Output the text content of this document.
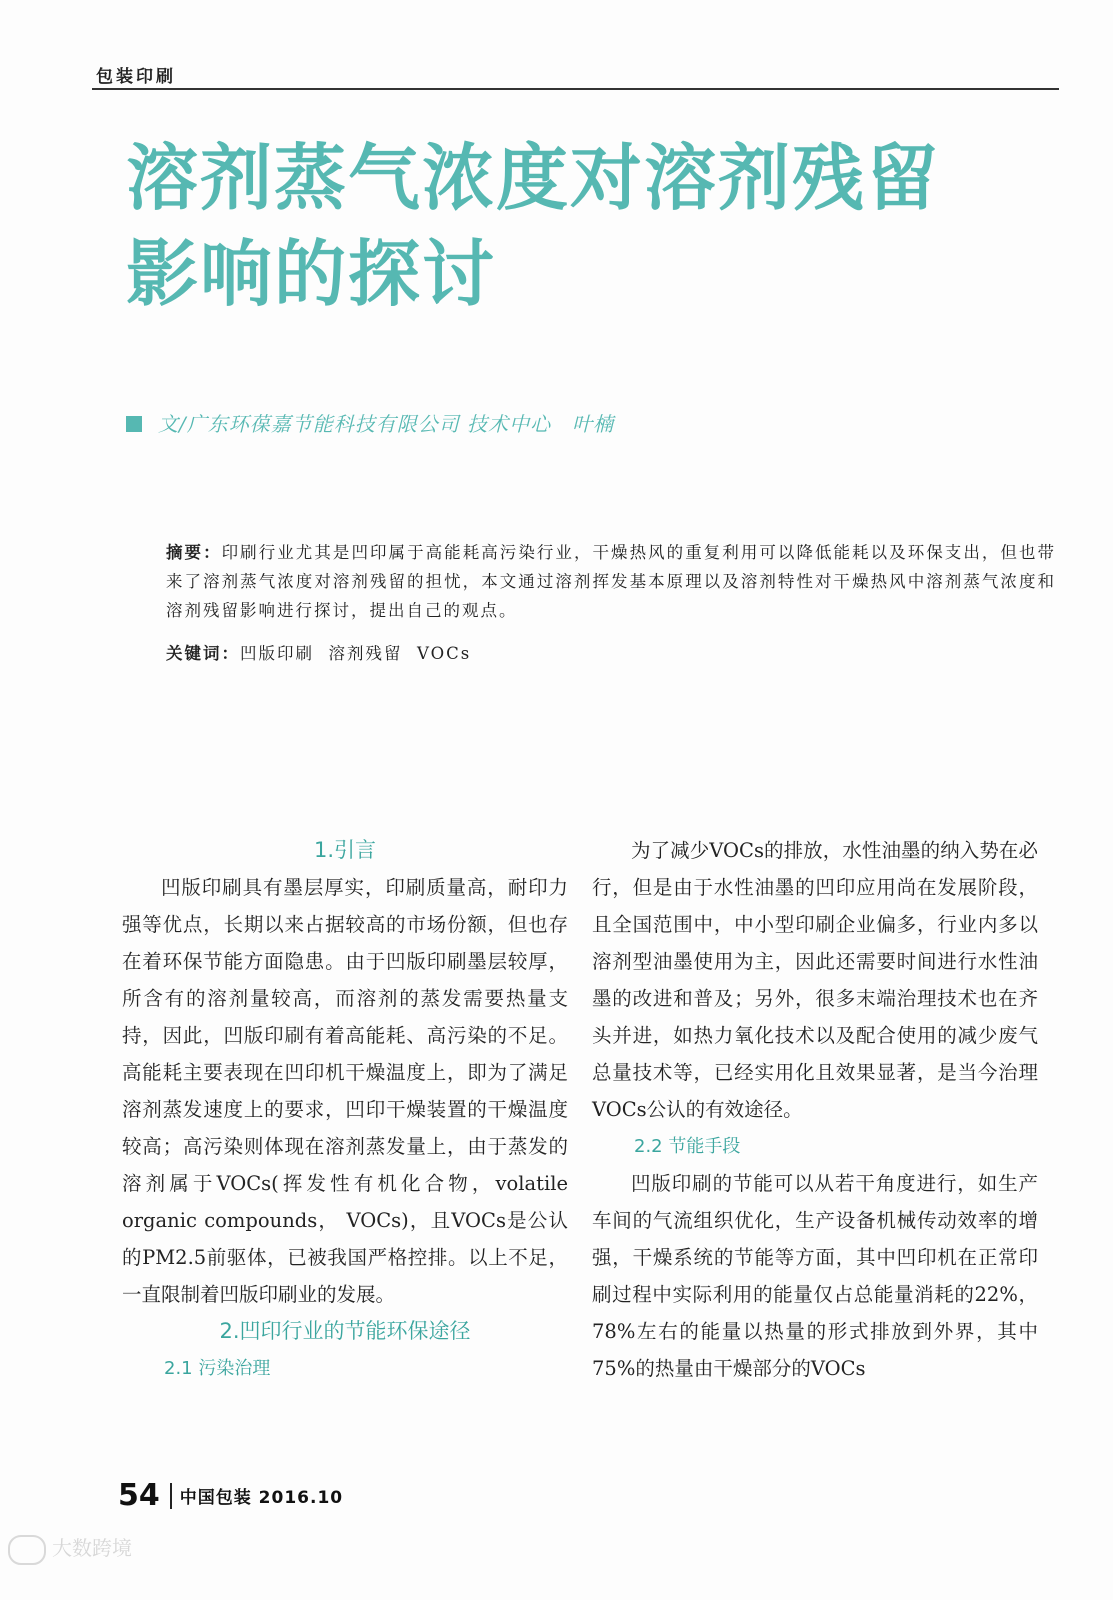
包装印刷
溶剂蒸气浓度对溶剂残留
影响的探讨
文/广东环葆嘉节能科技有限公司 技术中心　叶楠

摘要：印刷行业尤其是凹印属于高能耗高污染行业，干燥热风的重复利用可以降低能耗以及环保支出，但也带来了溶剂蒸气浓度对溶剂残留的担忧，本文通过溶剂挥发基本原理以及溶剂特性对干燥热风中溶剂蒸气浓度和溶剂残留影响进行探讨，提出自己的观点。

关键词：凹版印刷  溶剂残留  VOCs
1.引言

凹版印刷具有墨层厚实，印刷质量高，耐印力强等优点，长期以来占据较高的市场份额，但也存在着环保节能方面隐患。由于凹版印刷墨层较厚，所含有的溶剂量较高，而溶剂的蒸发需要热量支持，因此，凹版印刷有着高能耗、高污染的不足。高能耗主要表现在凹印机干燥温度上，即为了满足溶剂蒸发速度上的要求，凹印干燥装置的干燥温度较高；高污染则体现在溶剂蒸发量上，由于蒸发的溶剂属于VOCs(挥发性有机化合物，volatile organic compounds， VOCs)，且VOCs是公认的PM2.5前驱体，已被我国严格控排。以上不足，一直限制着凹版印刷业的发展。

2.凹印行业的节能环保途径
2.1 污染治理

为了减少VOCs的排放，水性油墨的纳入势在必行，但是由于水性油墨的凹印应用尚在发展阶段，且全国范围中，中小型印刷企业偏多，行业内多以溶剂型油墨使用为主，因此还需要时间进行水性油墨的改进和普及；另外，很多末端治理技术也在齐头并进，如热力氧化技术以及配合使用的减少废气总量技术等，已经实用化且效果显著，是当今治理VOCs公认的有效途径。

2.2 节能手段

凹版印刷的节能可以从若干角度进行，如生产车间的气流组织优化，生产设备机械传动效率的增强，干燥系统的节能等方面，其中凹印机在正常印刷过程中实际利用的能量仅占总能量消耗的22%，78%左右的能量以热量的形式排放到外界，其中75%的热量由干燥部分的VOCs

54 中国包装 2016.10
大数跨境
